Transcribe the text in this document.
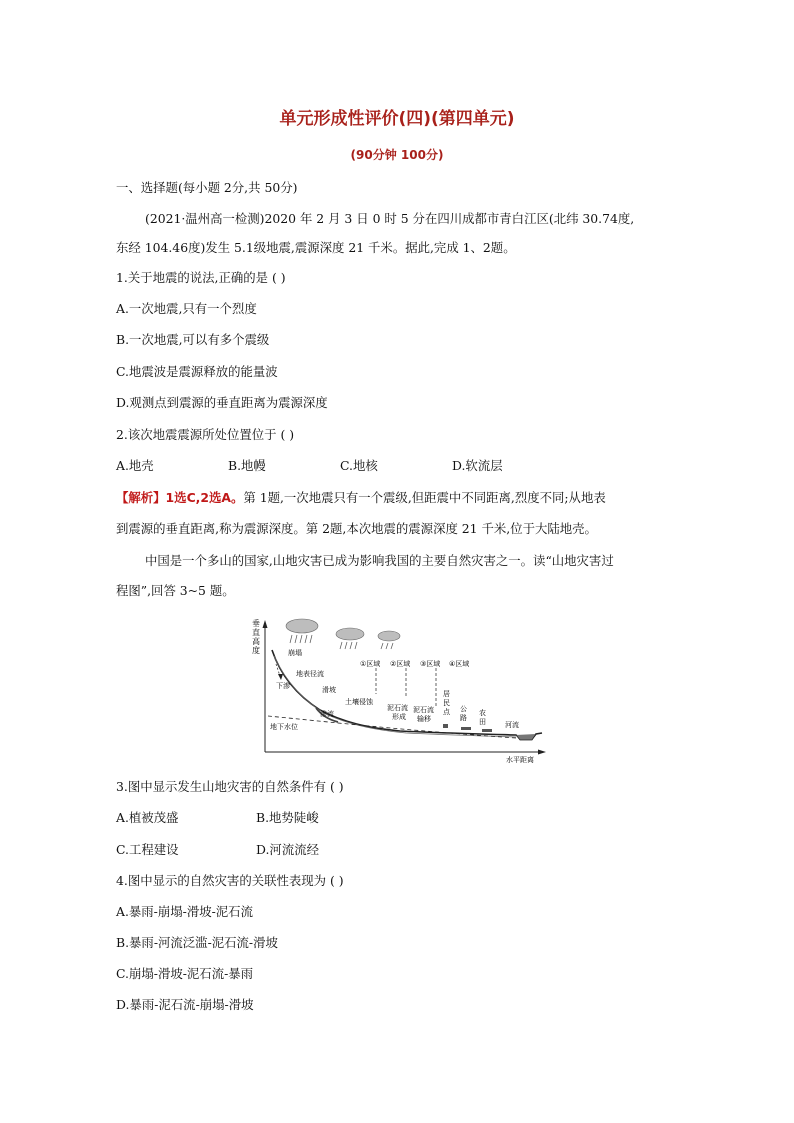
单元形成性评价(四)(第四单元)
(90分钟 100分)
一、选择题(每小题 2分,共 50分)
(2021·温州高一检测)2020 年 2 月 3 日 0 时 5 分在四川成都市青白江区(北纬 30.74度,
东经 104.46度)发生 5.1级地震,震源深度 21 千米。据此,完成 1、2题。
1.关于地震的说法,正确的是 ( )
A.一次地震,只有一个烈度
B.一次地震,可以有多个震级
C.地震波是震源释放的能量波
D.观测点到震源的垂直距离为震源深度
2.该次地震震源所处位置位于 ( )
A.地壳	B.地幔	C.地核	D.软流层
【解析】1选C,2选A。第 1题,一次地震只有一个震级,但距震中不同距离,烈度不同;从地表
到震源的垂直距离,称为震源深度。第 2题,本次地震的震源深度 21 千米,位于大陆地壳。
中国是一个多山的国家,山地灾害已成为影响我国的主要自然灾害之一。读“山地灾害过
程图”,回答 3~5 题。
垂
直
高
度
水平距离
崩塌
下渗
地表径流
滑坡
土壤侵蚀
渗流
地下水位
①区域 ②区域 ③区域 ④区域
泥石流
形成
泥石流
输移
居
民
点 公
路
农
田	河流
3.图中显示发生山地灾害的自然条件有 ( )
A.植被茂盛	B.地势陡峻
C.工程建设	D.河流流经
4.图中显示的自然灾害的关联性表现为 ( )
A.暴雨-崩塌-滑坡-泥石流
B.暴雨-河流泛滥-泥石流-滑坡
C.崩塌-滑坡-泥石流-暴雨
D.暴雨-泥石流-崩塌-滑坡
